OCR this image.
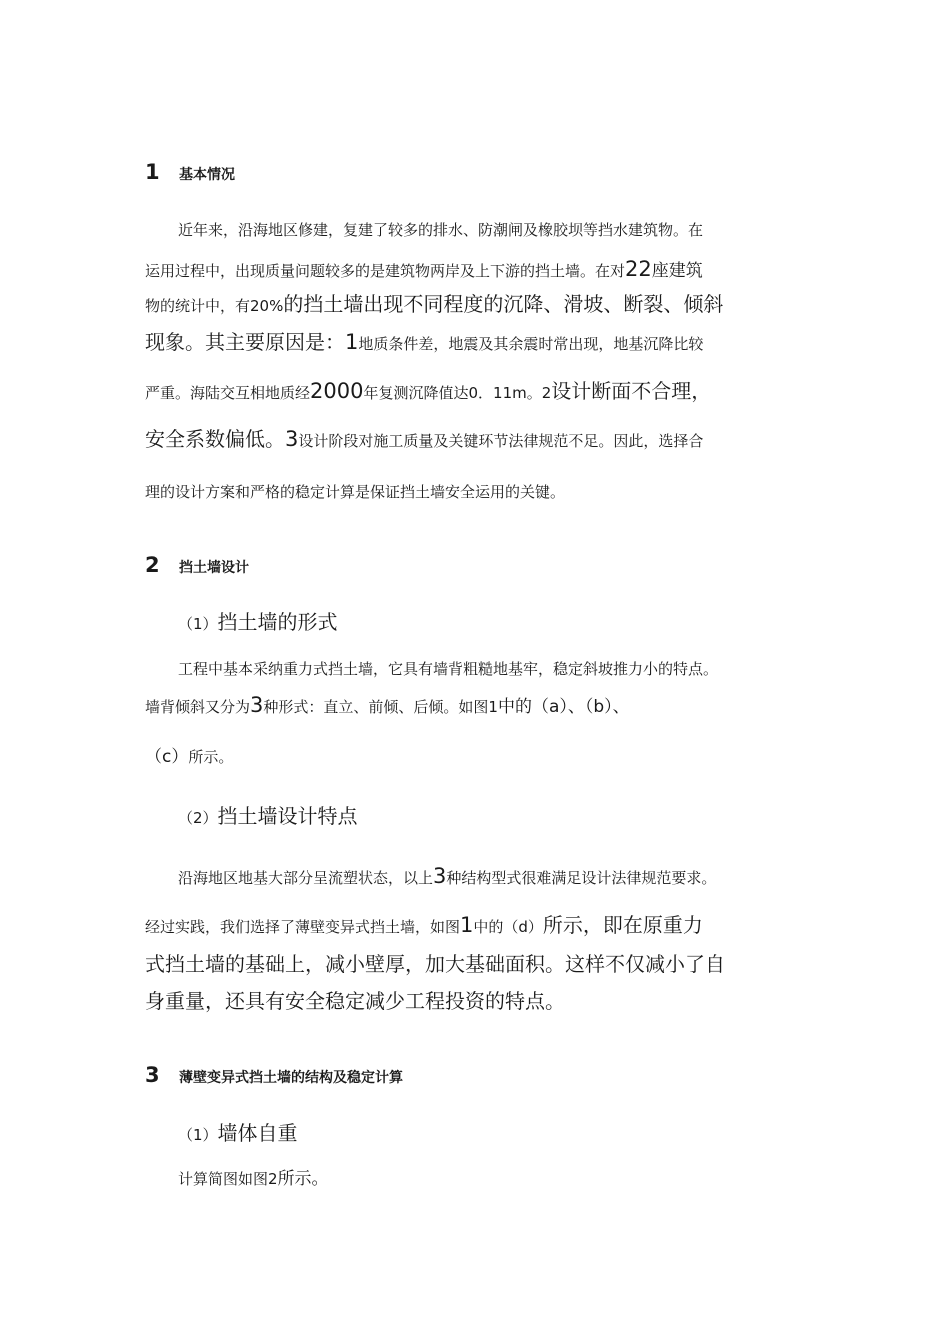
1	基本情况
近年来，沿海地区修建，复建了较多的排水、防潮闸及橡胶坝等挡水建筑物。在
运用过程中，出现质量问题较多的是建筑物两岸及上下游的挡土墙。在对22座建筑
物的统计中，有20%的挡土墙出现不同程度的沉降、滑坡、断裂、倾斜
现象。其主要原因是：1地质条件差，地震及其余震时常出现，地基沉降比较
严重。海陆交互相地质经2000年复测沉降值达0．11m。2设计断面不合理，
安全系数偏低。3设计阶段对施工质量及关键环节法律规范不足。因此，选择合
理的设计方案和严格的稳定计算是保证挡土墙安全运用的关键。
2	挡土墙设计
（1）挡土墙的形式
工程中基本采纳重力式挡土墙，它具有墙背粗糙地基牢，稳定斜坡推力小的特点。
墙背倾斜又分为3种形式：直立、前倾、后倾。如图1中的（a）、（b）、
（c）所示。
（2）挡土墙设计特点
沿海地区地基大部分呈流塑状态，以上3种结构型式很难满足设计法律规范要求。
经过实践，我们选择了薄壁变异式挡土墙，如图1中的（d）所示，即在原重力
式挡土墙的基础上，减小壁厚，加大基础面积。这样不仅减小了自
身重量，还具有安全稳定减少工程投资的特点。
3	薄壁变异式挡土墙的结构及稳定计算
（1）墙体自重
计算简图如图2所示。
